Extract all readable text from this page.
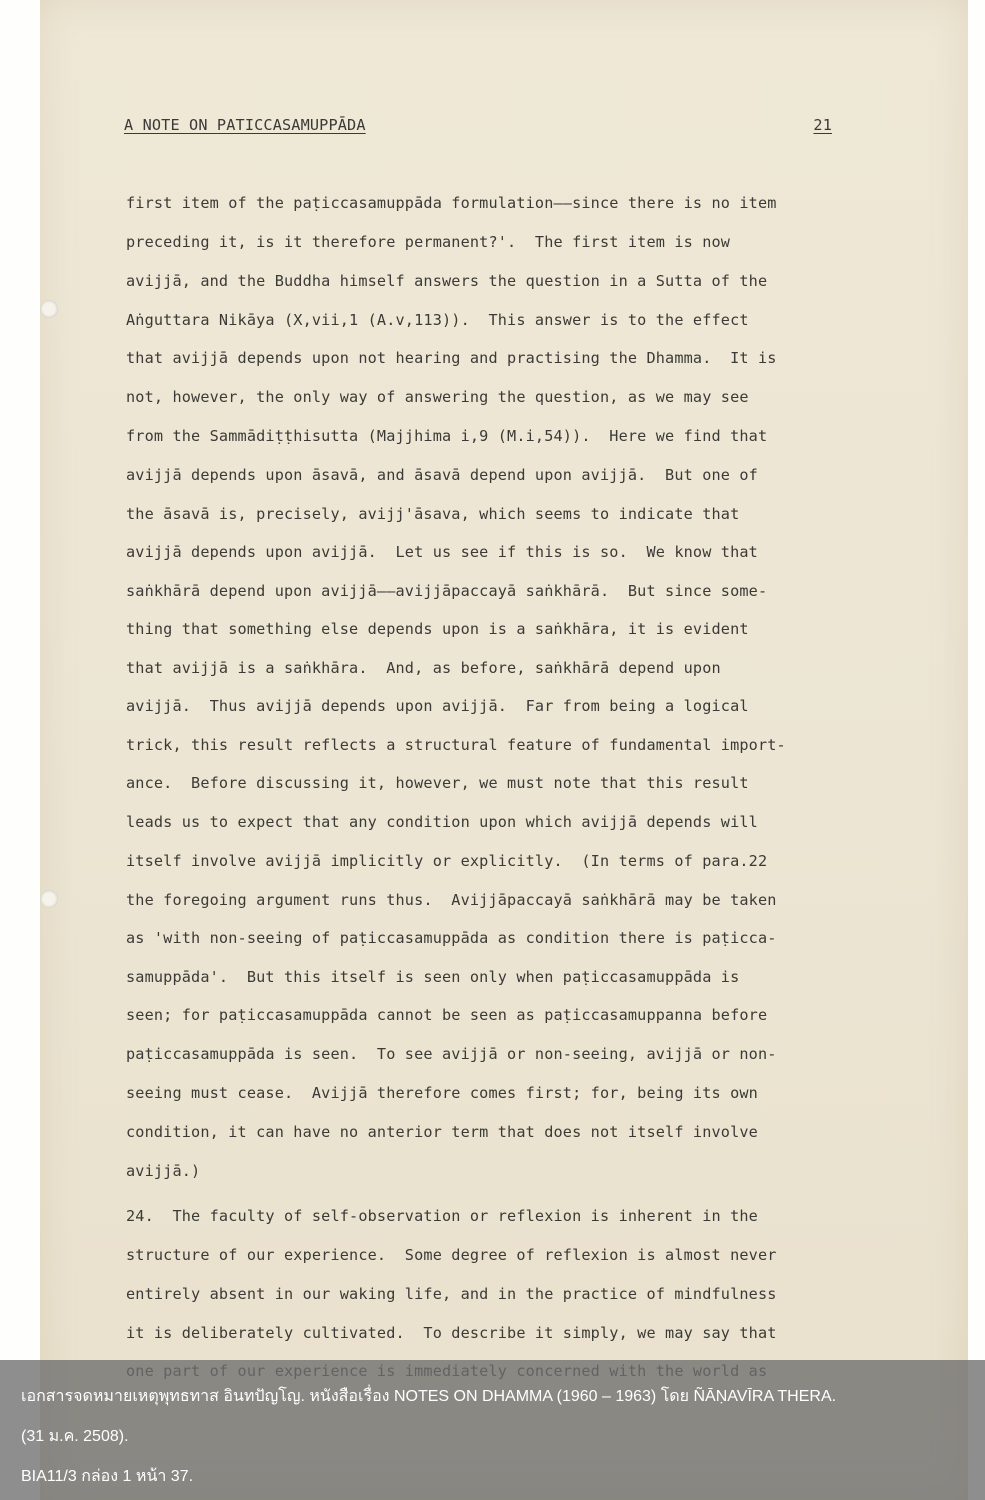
A NOTE ON PATICCASAMUPPĀDA	21
first item of the paṭiccasamuppāda formulation——since there is no item
preceding it, is it therefore permanent?'.  The first item is now
avijjā, and the Buddha himself answers the question in a Sutta of the
Aṅguttara Nikāya (X,vii,1 (A.v,113)).  This answer is to the effect
that avijjā depends upon not hearing and practising the Dhamma.  It is
not, however, the only way of answering the question, as we may see
from the Sammādiṭṭhisutta (Majjhima i,9 (M.i,54)).  Here we find that
avijjā depends upon āsavā, and āsavā depend upon avijjā.  But one of
the āsavā is, precisely, avijj'āsava, which seems to indicate that
avijjā depends upon avijjā.  Let us see if this is so.  We know that
saṅkhārā depend upon avijjā——avijjāpaccayā saṅkhārā.  But since some-
thing that something else depends upon is a saṅkhāra, it is evident
that avijjā is a saṅkhāra.  And, as before, saṅkhārā depend upon
avijjā.  Thus avijjā depends upon avijjā.  Far from being a logical
trick, this result reflects a structural feature of fundamental import-
ance.  Before discussing it, however, we must note that this result
leads us to expect that any condition upon which avijjā depends will
itself involve avijjā implicitly or explicitly.  (In terms of para.22
the foregoing argument runs thus.  Avijjāpaccayā saṅkhārā may be taken
as 'with non-seeing of paṭiccasamuppāda as condition there is paṭicca-
samuppāda'.  But this itself is seen only when paṭiccasamuppāda is
seen; for paṭiccasamuppāda cannot be seen as paṭiccasamuppanna before
paṭiccasamuppāda is seen.  To see avijjā or non-seeing, avijjā or non-
seeing must cease.  Avijjā therefore comes first; for, being its own
condition, it can have no anterior term that does not itself involve
avijjā.)
24.  The faculty of self-observation or reflexion is inherent in the
structure of our experience.  Some degree of reflexion is almost never
entirely absent in our waking life, and in the practice of mindfulness
it is deliberately cultivated.  To describe it simply, we may say that
เอกสารจดหมายเหตุพุทธทาส อินทปัญโญ. หนังสือเรื่อง NOTES ON DHAMMA (1960 – 1963) โดย ÑĀṆAVĪRA THERA.
(31 ม.ค. 2508).
BIA11/3 กล่อง 1 หน้า 37.
